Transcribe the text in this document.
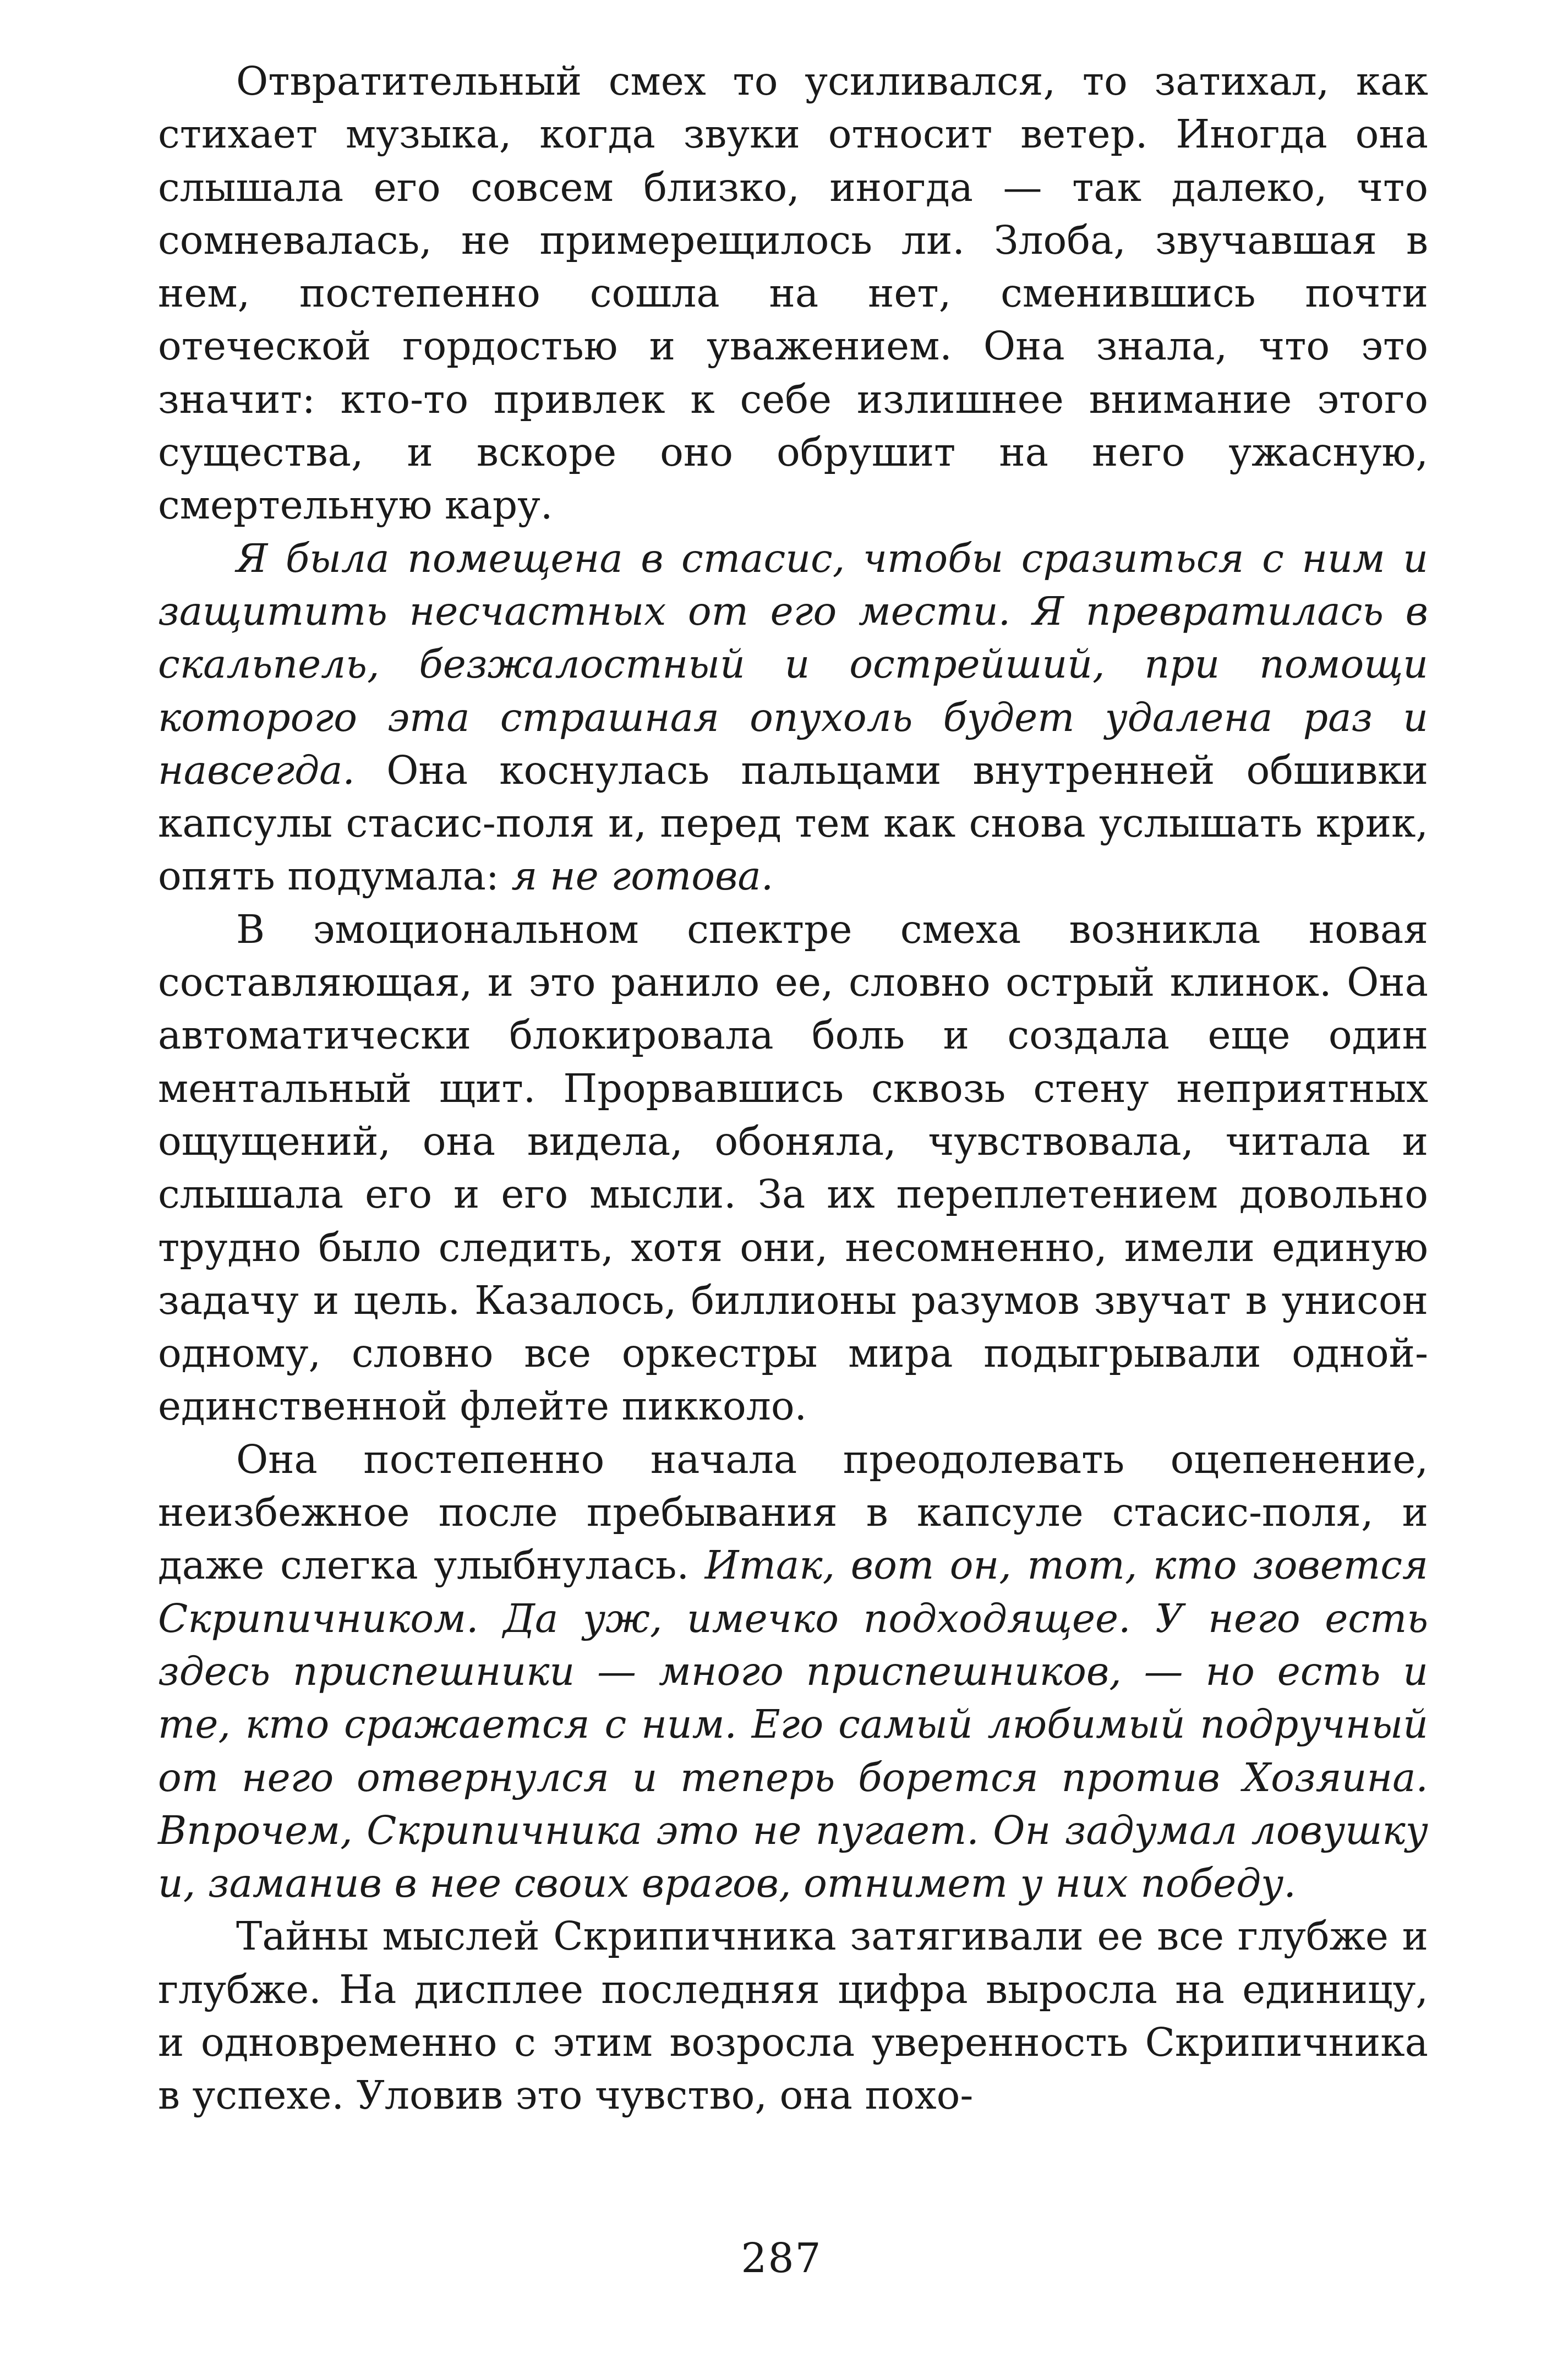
Отвратительный смех то усиливался, то затихал, как стихает музыка, когда звуки относит ветер. Иногда она слышала его совсем близко, иногда — так далеко, что сомневалась, не примерещилось ли. Злоба, звучавшая в нем, постепенно сошла на нет, сменившись почти отеческой гордостью и уважением. Она знала, что это значит: кто-то привлек к себе излишнее внимание этого существа, и вскоре оно обрушит на него ужасную, смертельную кару.

Я была помещена в стасис, чтобы сразиться с ним и защитить несчастных от его мести. Я превратилась в скальпель, безжалостный и острейший, при помощи которого эта страшная опухоль будет удалена раз и навсегда. Она коснулась пальцами внутренней обшивки капсулы стасис-поля и, перед тем как снова услышать крик, опять подумала: я не готова.

В эмоциональном спектре смеха возникла новая составляющая, и это ранило ее, словно острый клинок. Она автоматически блокировала боль и создала еще один ментальный щит. Прорвавшись сквозь стену неприятных ощущений, она видела, обоняла, чувствовала, читала и слышала его и его мысли. За их переплетением довольно трудно было следить, хотя они, несомненно, имели единую задачу и цель. Казалось, биллионы разумов звучат в унисон одному, словно все оркестры мира подыгрывали одной-единственной флейте пикколо.

Она постепенно начала преодолевать оцепенение, неизбежное после пребывания в капсуле стасис-поля, и даже слегка улыбнулась. Итак, вот он, тот, кто зовется Скрипичником. Да уж, имечко подходящее. У него есть здесь приспешники — много приспешников, — но есть и те, кто сражается с ним. Его самый любимый подручный от него отвернулся и теперь борется против Хозяина. Впрочем, Скрипичника это не пугает. Он задумал ловушку и, заманив в нее своих врагов, отнимет у них победу.

Тайны мыслей Скрипичника затягивали ее все глубже и глубже. На дисплее последняя цифра выросла на единицу, и одновременно с этим возросла уверенность Скрипичника в успехе. Уловив это чувство, она похо-

287
